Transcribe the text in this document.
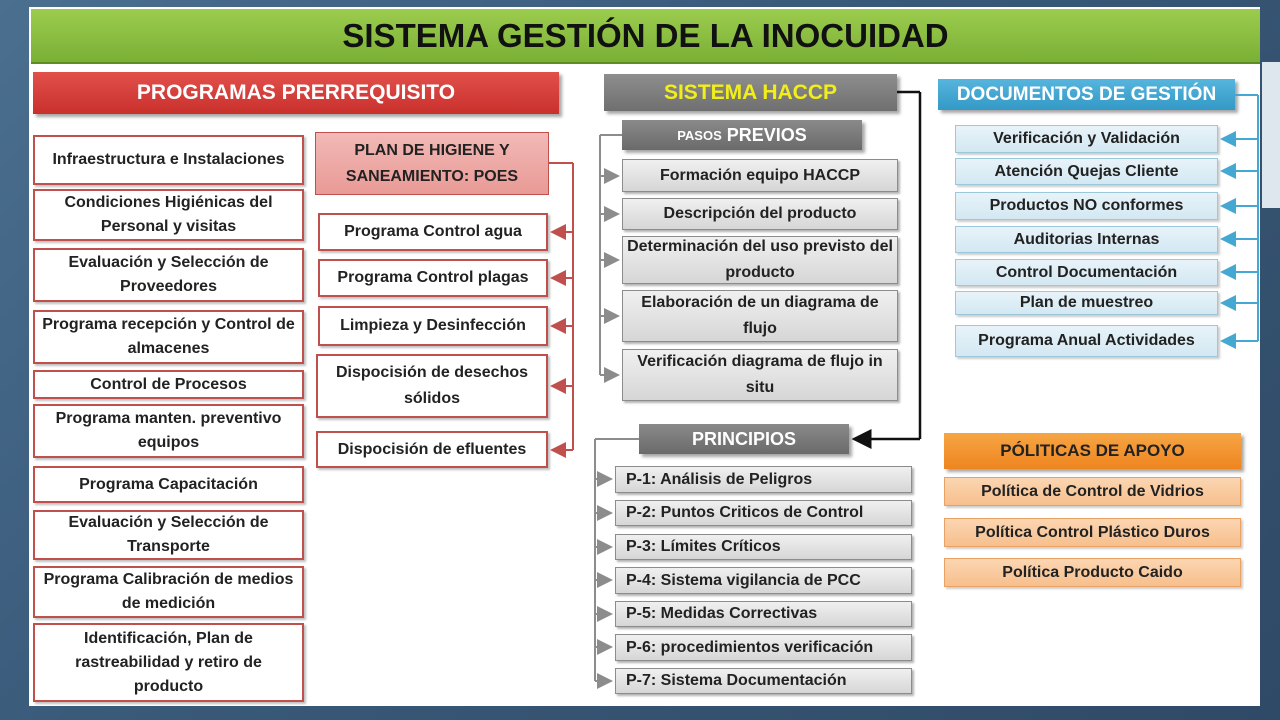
SISTEMA GESTIÓN DE LA INOCUIDAD
PROGRAMAS PRERREQUISITO
Infraestructura e Instalaciones
Condiciones Higiénicas del Personal y visitas
Evaluación y Selección de Proveedores
Programa recepción y Control de almacenes
Control de Procesos
Programa manten. preventivo equipos
Programa Capacitación
Evaluación y Selección de Transporte
Programa Calibración de medios de medición
Identificación, Plan de rastreabilidad y retiro de producto
PLAN DE HIGIENE Y SANEAMIENTO: POES
Programa Control agua
Programa Control plagas
Limpieza y Desinfección
Dispocisión de desechos sólidos
Dispocisión de efluentes
SISTEMA HACCP
PASOS PREVIOS
Formación equipo HACCP
Descripción del producto
Determinación del uso previsto del producto
Elaboración de un diagrama de flujo
Verificación diagrama de flujo in situ
PRINCIPIOS
P-1: Análisis de Peligros
P-2: Puntos Criticos de Control
P-3: Límites Críticos
P-4: Sistema vigilancia de PCC
P-5: Medidas Correctivas
P-6: procedimientos verificación
P-7: Sistema Documentación
DOCUMENTOS DE GESTIÓN
Verificación y Validación
Atención Quejas Cliente
Productos NO conformes
Auditorias Internas
Control Documentación
Plan de muestreo
Programa Anual Actividades
PÓLITICAS DE APOYO
Política de Control de Vidrios
Política Control Plástico Duros
Política Producto Caido
